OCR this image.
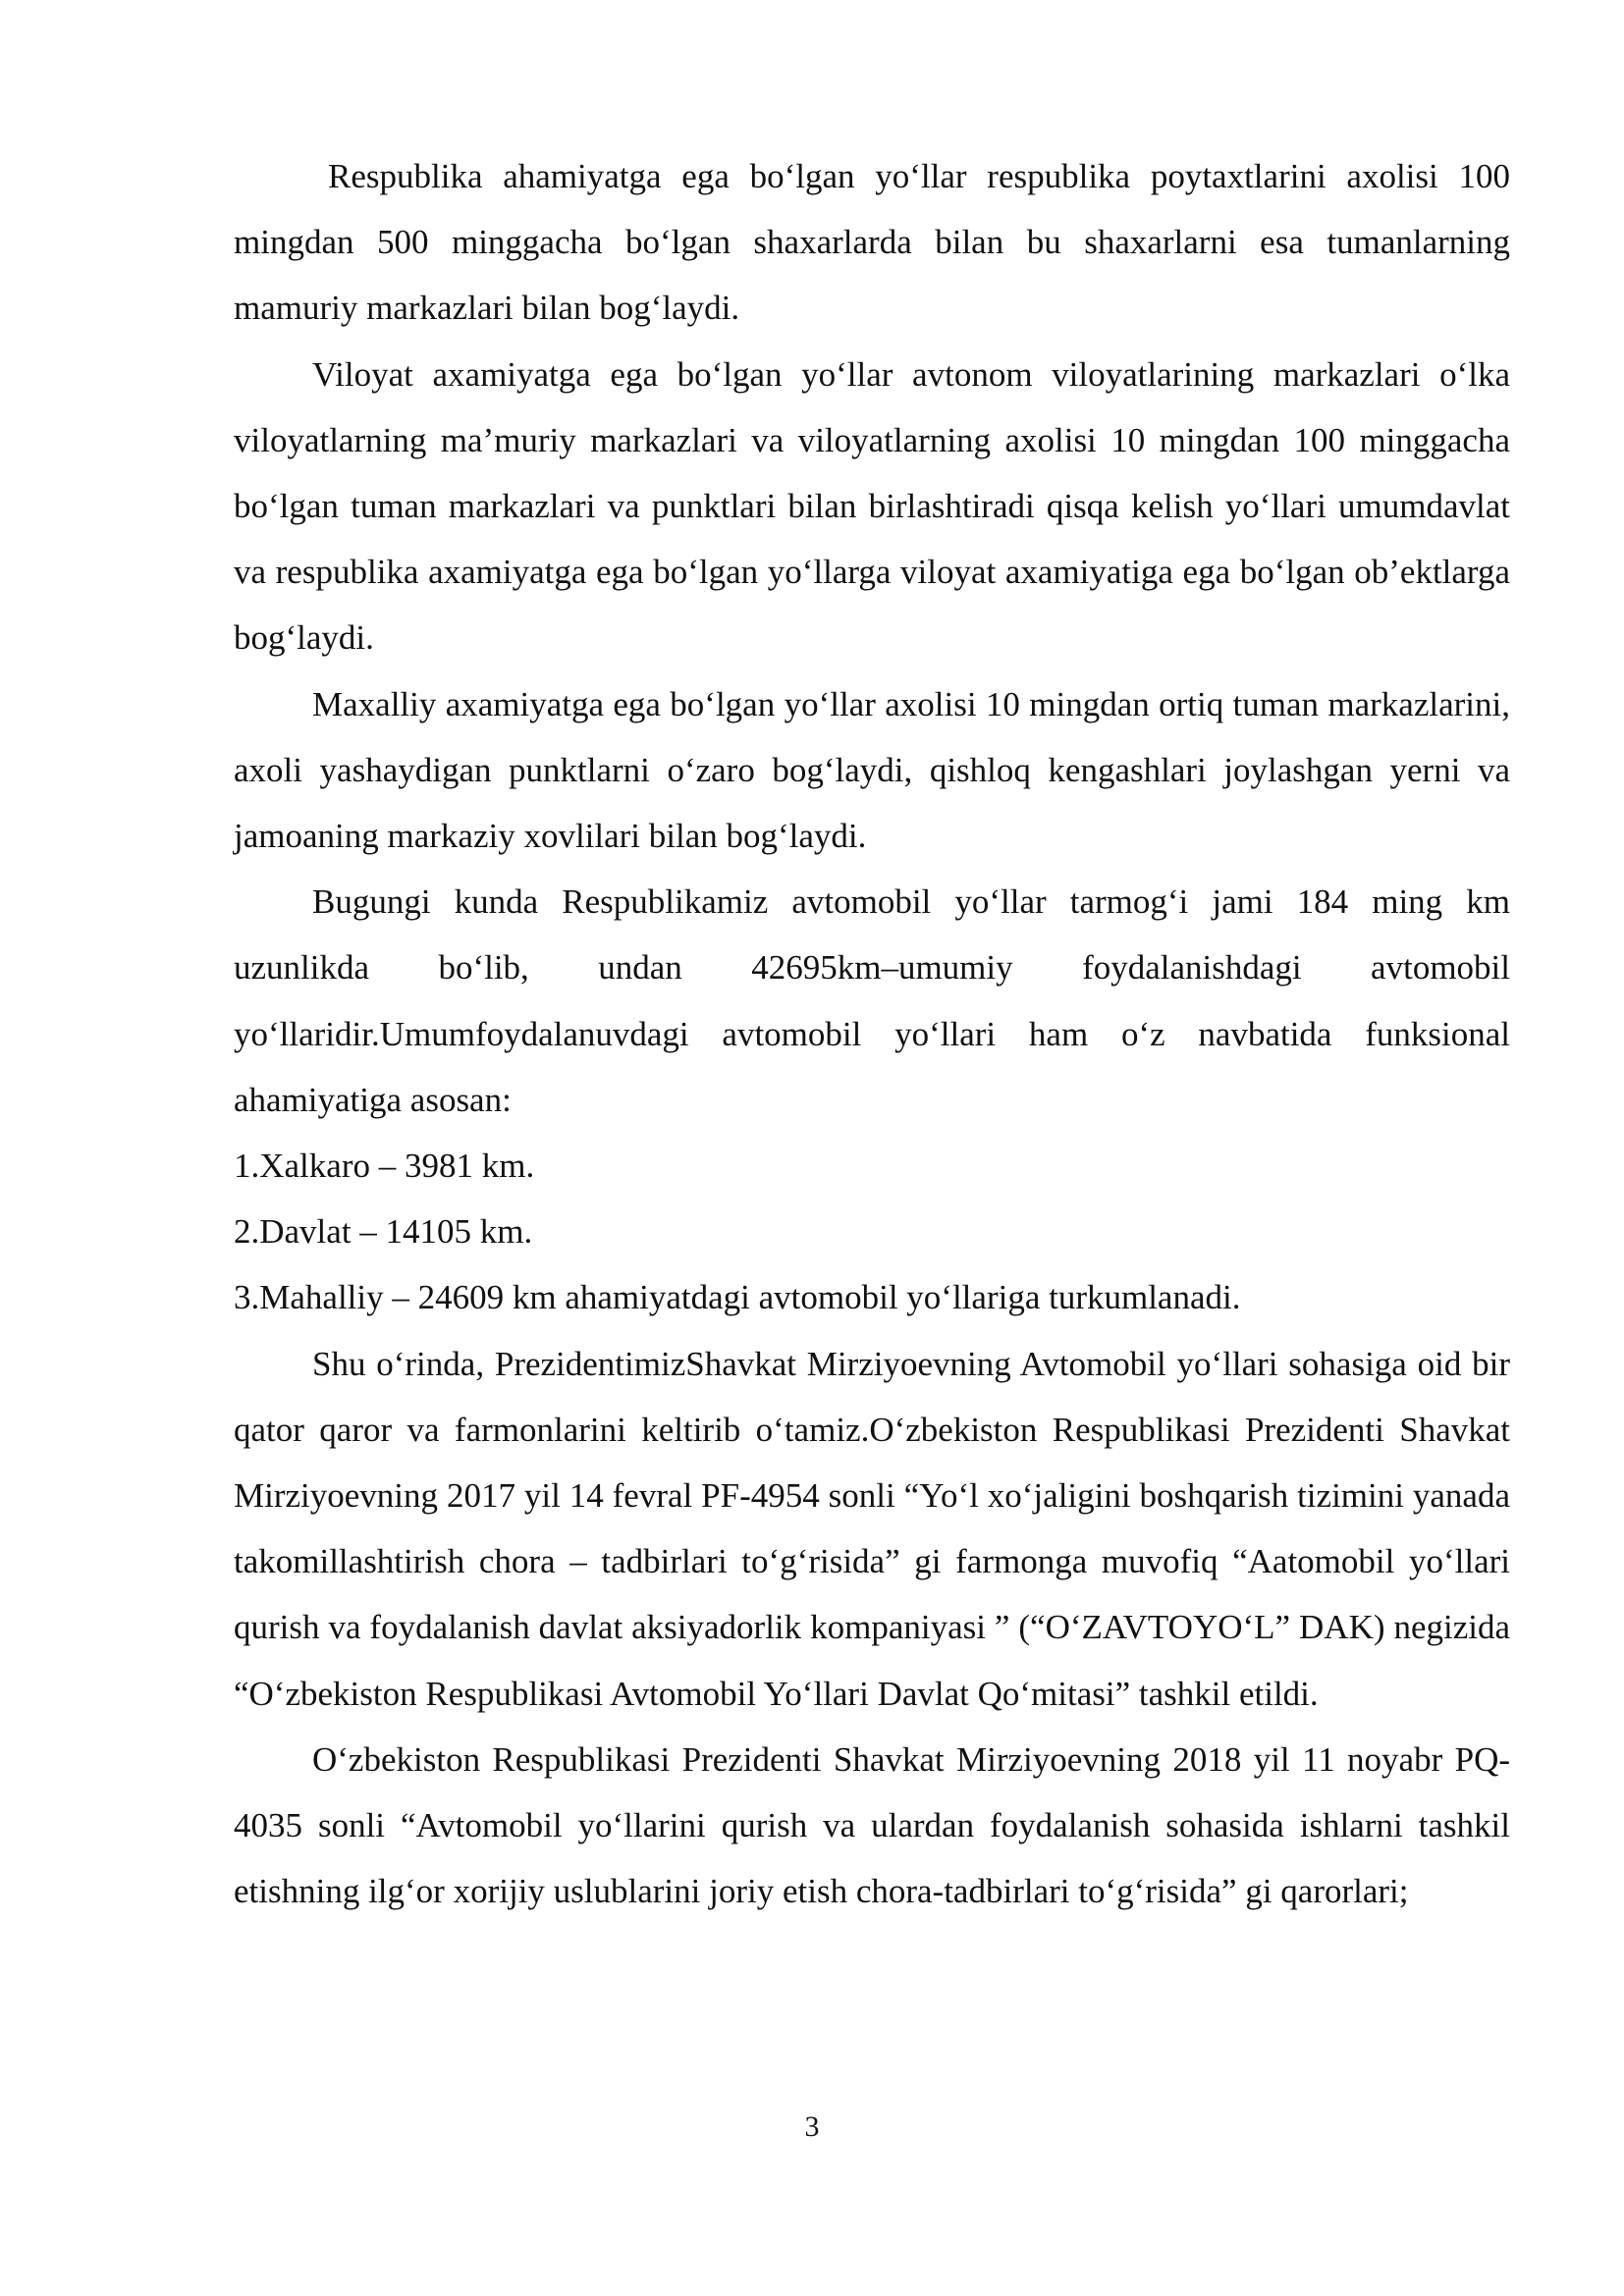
Respublika ahamiyatga ega bo‘lgan yo‘llar respublika poytaxtlarini axolisi 100 mingdan 500 minggacha bo‘lgan shaxarlarda bilan bu shaxarlarni esa tumanlarning mamuriy markazlari bilan bog‘laydi.

Viloyat axamiyatga ega bo‘lgan yo‘llar avtonom viloyatlarining markazlari o‘lka viloyatlarning ma’muriy markazlari va viloyatlarning axolisi 10 mingdan 100 minggacha bo‘lgan tuman markazlari va punktlari bilan birlashtiradi qisqa kelish yo‘llari umumdavlat va respublika axamiyatga ega bo‘lgan yo‘llarga viloyat axamiyatiga ega bo‘lgan ob’ektlarga bog‘laydi.

Maxalliy axamiyatga ega bo‘lgan yo‘llar axolisi 10 mingdan ortiq tuman markazlarini, axoli yashaydigan punktlarni o‘zaro bog‘laydi, qishloq kengashlari joylashgan yerni va jamoaning markaziy xovlilari bilan bog‘laydi.

Bugungi kunda Respublikamiz avtomobil yo‘llar tarmog‘i jami 184 ming km uzunlikda bo‘lib, undan 42695km–umumiy foydalanishdagi avtomobil yo‘llaridir.Umumfoydalanuvdagi avtomobil yo‘llari ham o‘z navbatida funksional ahamiyatiga asosan:

1.Xalkaro – 3981 km.

2.Davlat – 14105 km.

3.Mahalliy – 24609 km ahamiyatdagi avtomobil yo‘llariga turkumlanadi.

Shu o‘rinda, PrezidentimizShavkat Mirziyoevning Avtomobil yo‘llari sohasiga oid bir qator qaror va farmonlarini keltirib o‘tamiz.O‘zbekiston Respublikasi Prezidenti Shavkat Mirziyoevning 2017 yil 14 fevral PF-4954 sonli “Yo‘l xo‘jaligini boshqarish tizimini yanada takomillashtirish chora – tadbirlari to‘g‘risida” gi farmonga muvofiq “Aatomobil yo‘llari qurish va foydalanish davlat aksiyadorlik kompaniyasi ” (“O‘ZAVTOYO‘L” DAK) negizida “O‘zbekiston Respublikasi Avtomobil Yo‘llari Davlat Qo‘mitasi” tashkil etildi.

O‘zbekiston Respublikasi Prezidenti Shavkat Mirziyoevning 2018 yil 11 noyabr PQ-4035 sonli “Avtomobil yo‘llarini qurish va ulardan foydalanish sohasida ishlarni tashkil etishning ilg‘or xorijiy uslublarini joriy etish chora-tadbirlari to‘g‘risida” gi qarorlari;

3
